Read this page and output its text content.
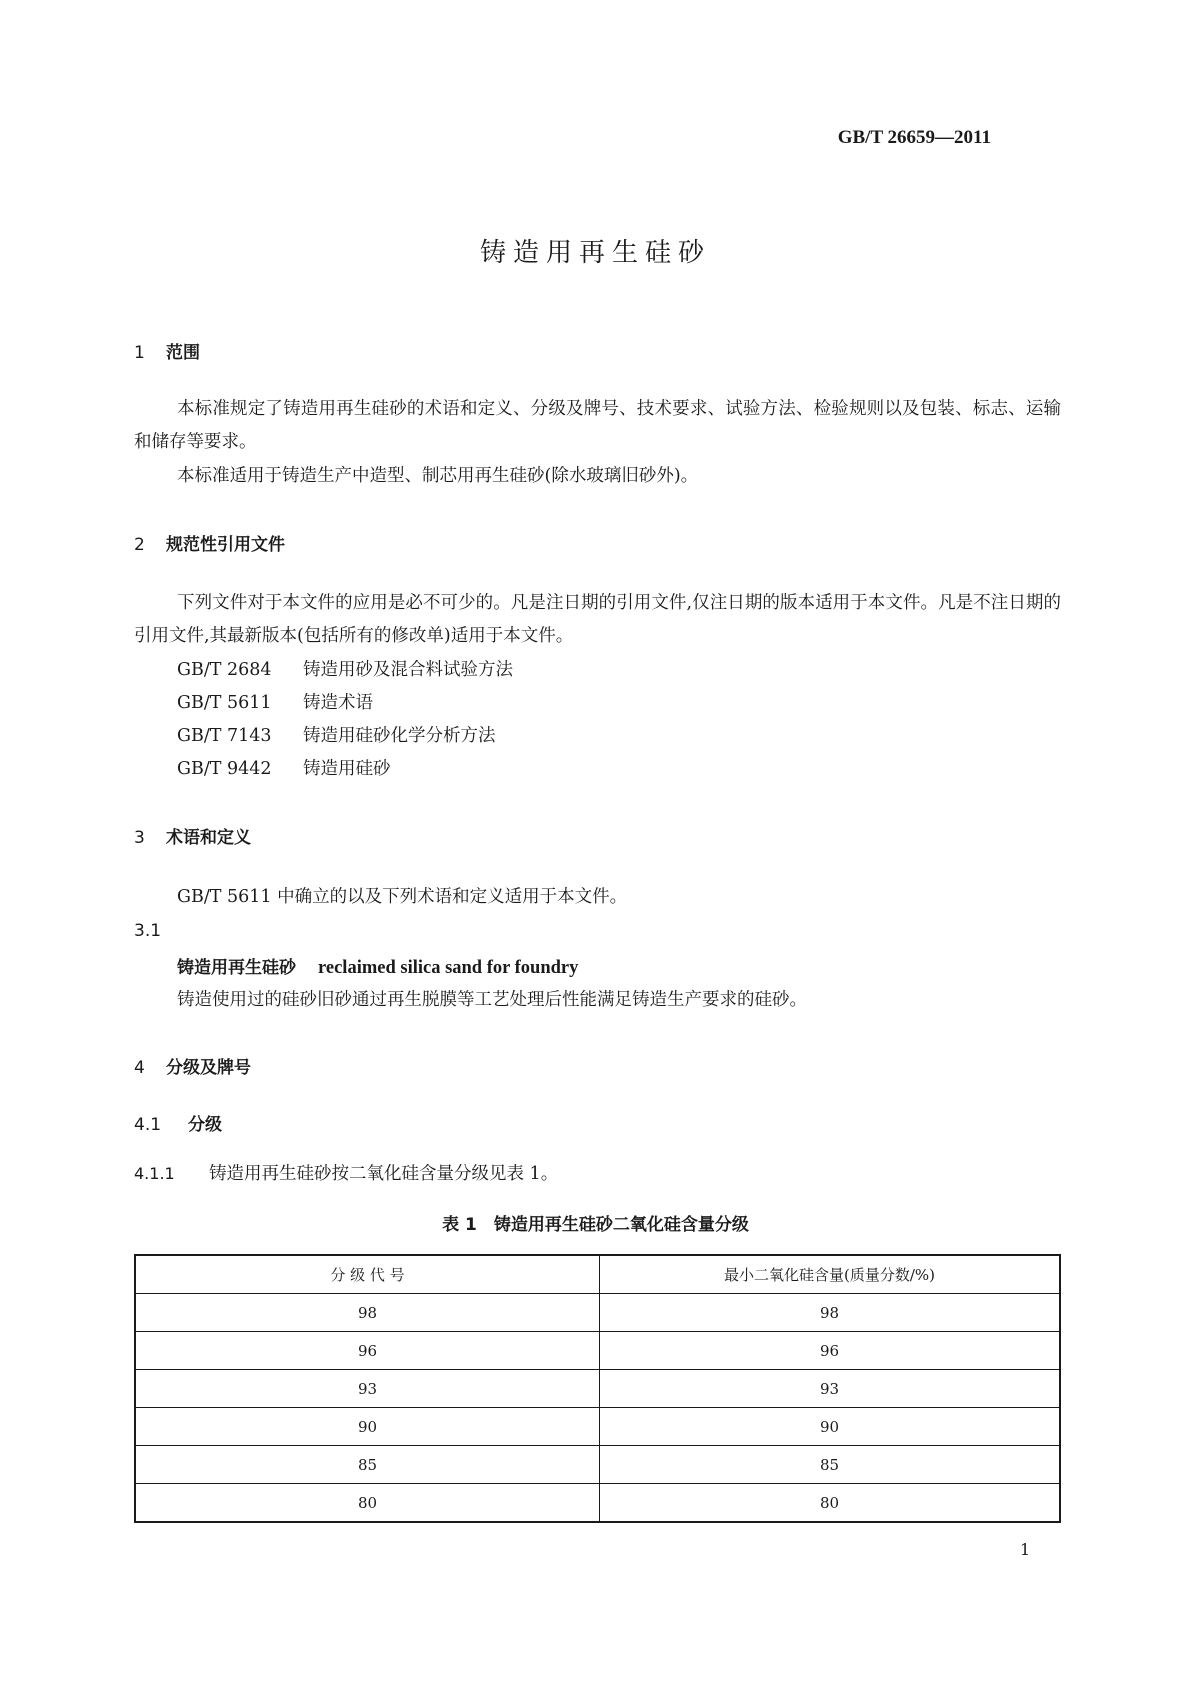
GB/T 26659—2011
铸造用再生硅砂
1 范围
本标准规定了铸造用再生硅砂的术语和定义、分级及牌号、技术要求、试验方法、检验规则以及包装、标志、运输和储存等要求。
本标准适用于铸造生产中造型、制芯用再生硅砂(除水玻璃旧砂外)。
2 规范性引用文件
下列文件对于本文件的应用是必不可少的。凡是注日期的引用文件,仅注日期的版本适用于本文件。凡是不注日期的引用文件,其最新版本(包括所有的修改单)适用于本文件。
GB/T 2684 铸造用砂及混合料试验方法
GB/T 5611 铸造术语
GB/T 7143 铸造用硅砂化学分析方法
GB/T 9442 铸造用硅砂
3 术语和定义
GB/T 5611 中确立的以及下列术语和定义适用于本文件。
3.1
铸造用再生硅砂 reclaimed silica sand for foundry
铸造使用过的硅砂旧砂通过再生脱膜等工艺处理后性能满足铸造生产要求的硅砂。
4 分级及牌号
4.1 分级
4.1.1 铸造用再生硅砂按二氧化硅含量分级见表 1。
表 1　铸造用再生硅砂二氧化硅含量分级
分 级 代 号	最小二氧化硅含量(质量分数/%)
98	98
96	96
93	93
90	90
85	85
80	80
1
